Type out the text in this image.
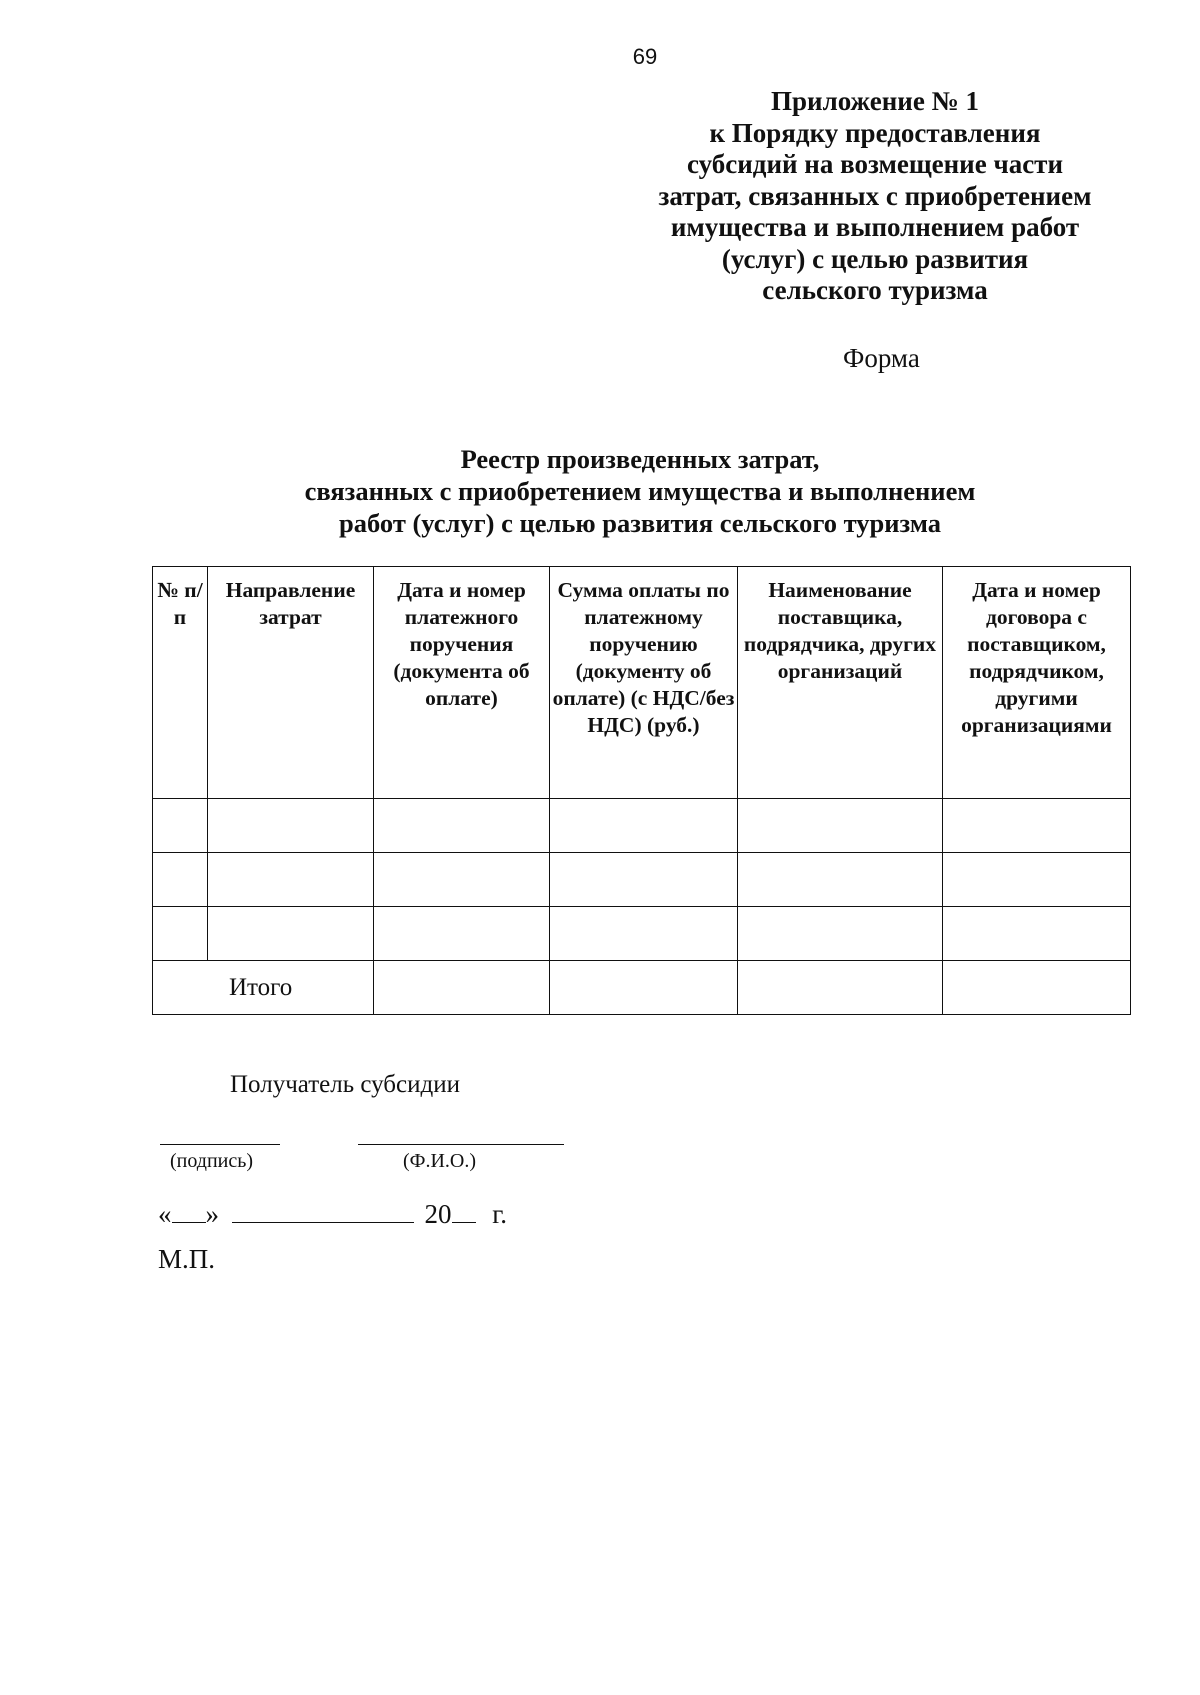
69
Приложение № 1
к Порядку предоставления
субсидий на возмещение части
затрат, связанных с приобретением
имущества и выполнением работ
(услуг) с целью развития
сельского туризма
Форма
Реестр произведенных затрат,
связанных с приобретением имущества и выполнением
работ (услуг) с целью развития сельского туризма
№ п/п	Направление затрат	Дата и номер платежного поручения (документа об оплате)	Сумма оплаты по платежному поручению (документу об оплате) (с НДС/без НДС) (руб.)	Наименование поставщика, подрядчика, других организаций	Дата и номер договора с поставщиком, подрядчиком, другими организациями

Итого					
Получатель субсидии
(подпись)	(Ф.И.О.)
« »	20 г.
М.П.
